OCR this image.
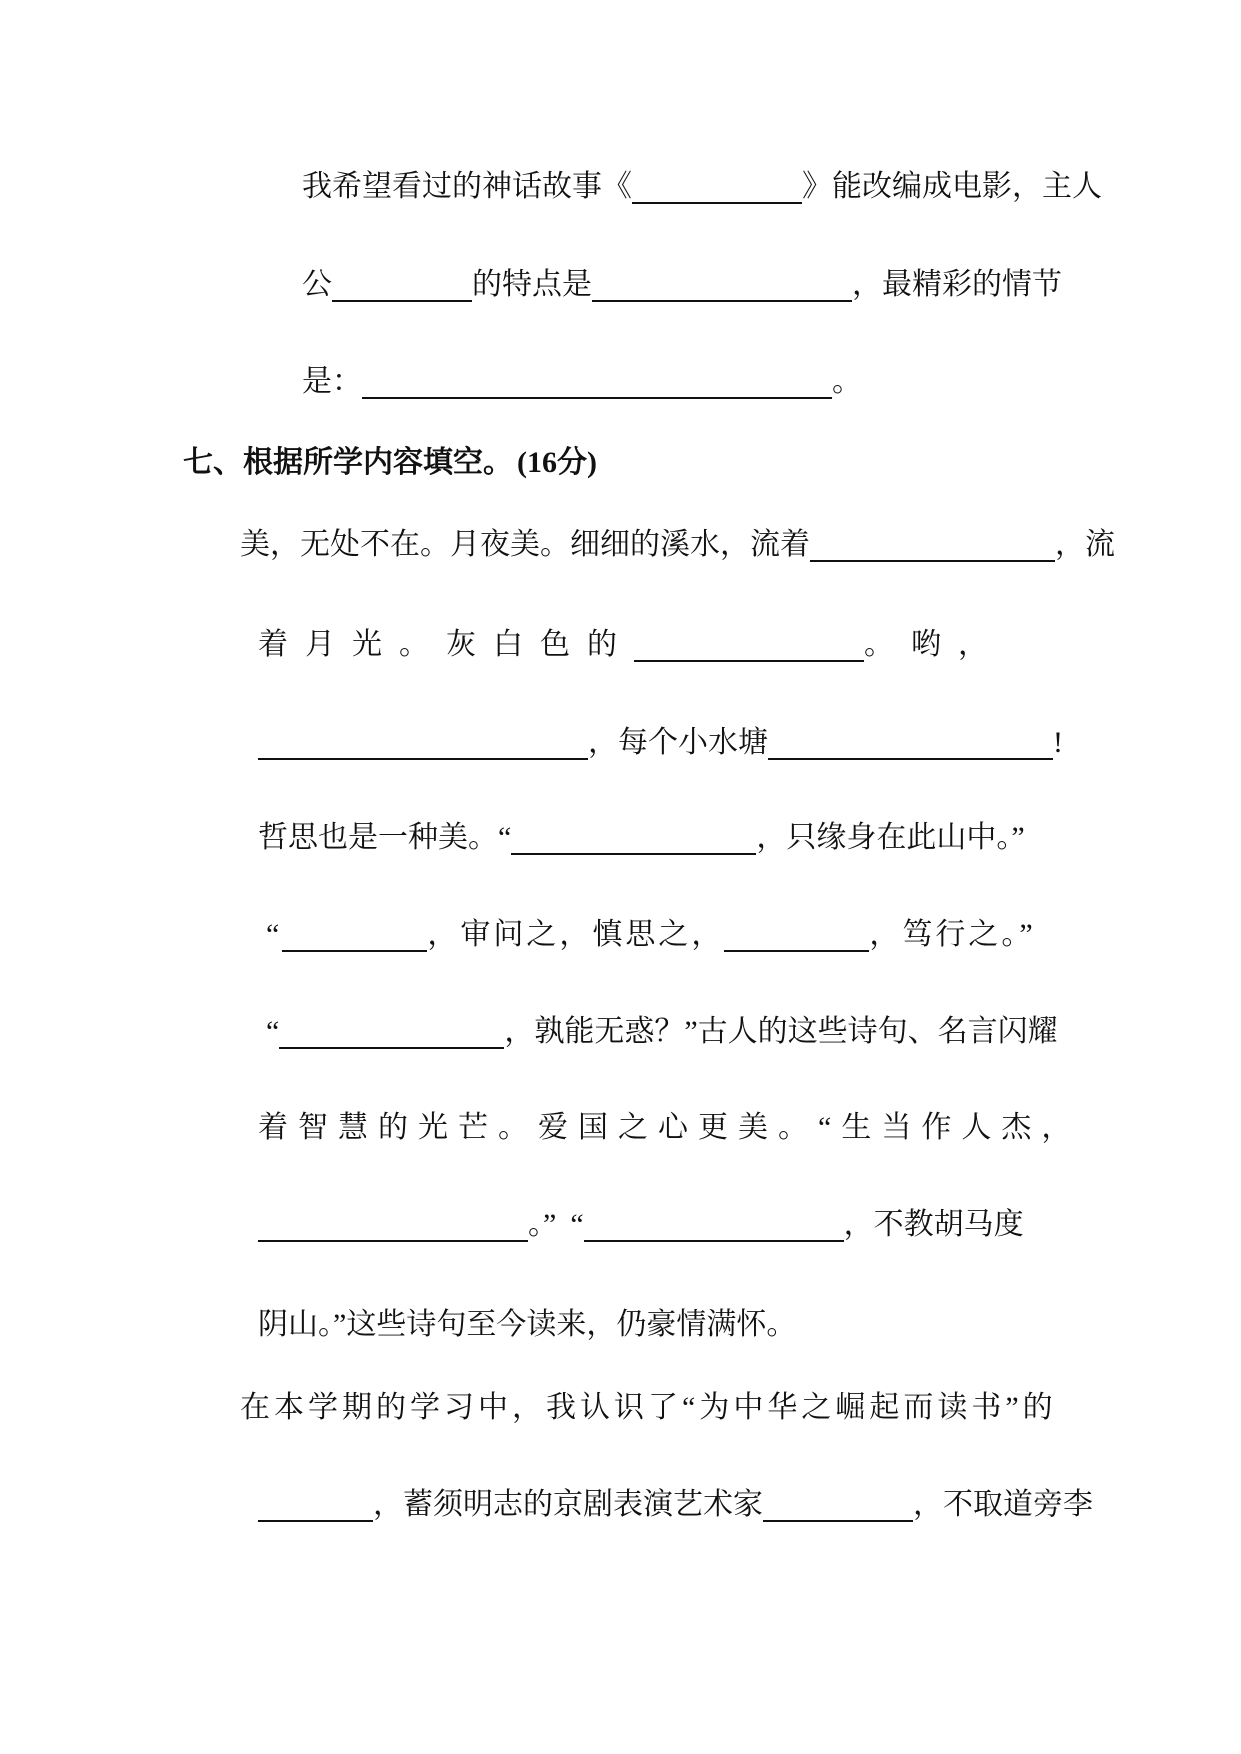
我希望看过的神话故事《	》能改编成电影，主人
公	的特点是	，最精彩的情节
是：	。
七、根据所学内容填空。 (16分)
美，无处不在。月夜美。细细的溪水，流着	，流
着月光。灰白色的	。哟，
，每个小水塘	!
哲思也是一种美。“	，只缘身在此山中。”
“	，审问之，慎思之，	，笃行之。”
“	，孰能无惑？”古人的这些诗句、名言闪耀
着智慧的光芒。爱国之心更美。“生当作人杰，
。” “	，不教胡马度
阴山。”这些诗句至今读来，仍豪情满怀。
在本学期的学习中，我认识了“为中华之崛起而读书”的
，蓄须明志的京剧表演艺术家	，不取道旁李
